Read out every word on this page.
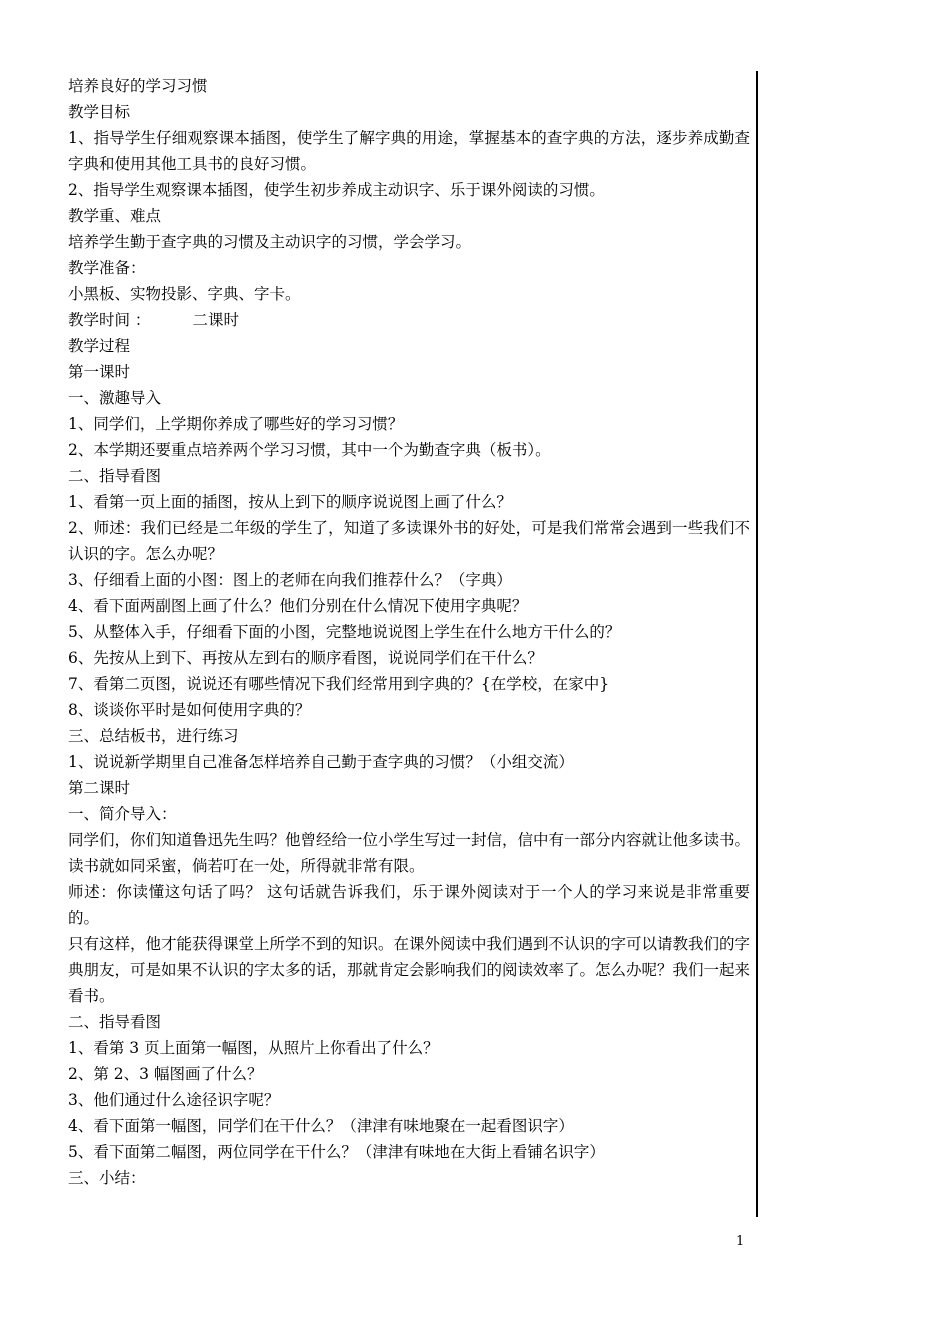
培养良好的学习习惯
教学目标
1、指导学生仔细观察课本插图，使学生了解字典的用途，掌握基本的查字典的方法，逐步养成勤查字典和使用其他工具书的良好习惯。
2、指导学生观察课本插图，使学生初步养成主动识字、乐于课外阅读的习惯。
教学重、难点
培养学生勤于查字典的习惯及主动识字的习惯，学会学习。
教学准备：
小黑板、实物投影、字典、字卡。
教学时间 ：	二课时
教学过程
第一课时
一、激趣导入
1、同学们，上学期你养成了哪些好的学习习惯？
2、本学期还要重点培养两个学习习惯，其中一个为勤查字典（板书）。
二、指导看图
1、看第一页上面的插图，按从上到下的顺序说说图上画了什么？
2、师述：我们已经是二年级的学生了，知道了多读课外书的好处，可是我们常常会遇到一些我们不认识的字。怎么办呢？
3、仔细看上面的小图：图上的老师在向我们推荐什么？（字典）
4、看下面两副图上画了什么？他们分别在什么情况下使用字典呢？
5、从整体入手，仔细看下面的小图，完整地说说图上学生在什么地方干什么的？
6、先按从上到下、再按从左到右的顺序看图，说说同学们在干什么？
7、看第二页图，说说还有哪些情况下我们经常用到字典的？{在学校，在家中}
8、谈谈你平时是如何使用字典的？
三、总结板书，进行练习
1、说说新学期里自己准备怎样培养自己勤于查字典的习惯？（小组交流）
第二课时
一、简介导入：
同学们，你们知道鲁迅先生吗？他曾经给一位小学生写过一封信，信中有一部分内容就让他多读书。
读书就如同采蜜，倘若叮在一处，所得就非常有限。
师述：你读懂这句话了吗？ 这句话就告诉我们，乐于课外阅读对于一个人的学习来说是非常重要的。
只有这样，他才能获得课堂上所学不到的知识。在课外阅读中我们遇到不认识的字可以请教我们的字典朋友，可是如果不认识的字太多的话，那就肯定会影响我们的阅读效率了。怎么办呢？我们一起来看书。
二、指导看图
1、看第 3 页上面第一幅图，从照片上你看出了什么？
2、第 2、3 幅图画了什么？
3、他们通过什么途径识字呢？
4、看下面第一幅图，同学们在干什么？（津津有味地聚在一起看图识字）
5、看下面第二幅图，两位同学在干什么？（津津有味地在大街上看铺名识字）
三、小结：
1
